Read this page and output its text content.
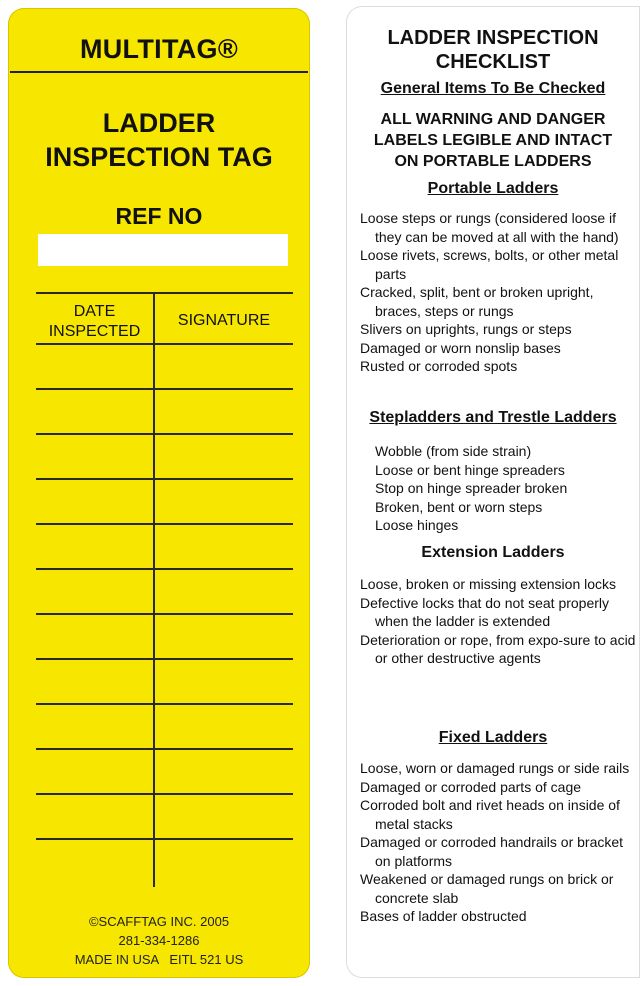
MULTITAG®
LADDER
INSPECTION TAG
REF NO
DATE
INSPECTED
SIGNATURE
©SCAFFTAG INC. 2005
281-334-1286
MADE IN USA   EITL 521 US
LADDER INSPECTION
CHECKLIST
General Items To Be Checked
ALL WARNING AND DANGER
LABELS LEGIBLE AND INTACT
ON PORTABLE LADDERS
Portable Ladders
Loose steps or rungs (considered loose if they can be moved at all with the hand)
Loose rivets, screws, bolts, or other metal parts
Cracked, split, bent or broken upright, braces, steps or rungs
Slivers on uprights, rungs or steps
Damaged or worn nonslip bases
Rusted or corroded spots
Stepladders and Trestle Ladders
Wobble (from side strain)
Loose or bent hinge spreaders
Stop on hinge spreader broken
Broken, bent or worn steps
Loose hinges
Extension Ladders
Loose, broken or missing extension locks
Defective locks that do not seat properly when the ladder is extended
Deterioration or rope, from expo-sure to acid or other destructive agents
Fixed Ladders
Loose, worn or damaged rungs or side rails
Damaged or corroded parts of cage
Corroded bolt and rivet heads on inside of metal stacks
Damaged or corroded handrails or bracket on platforms
Weakened or damaged rungs on brick or concrete slab
Bases of ladder obstructed
